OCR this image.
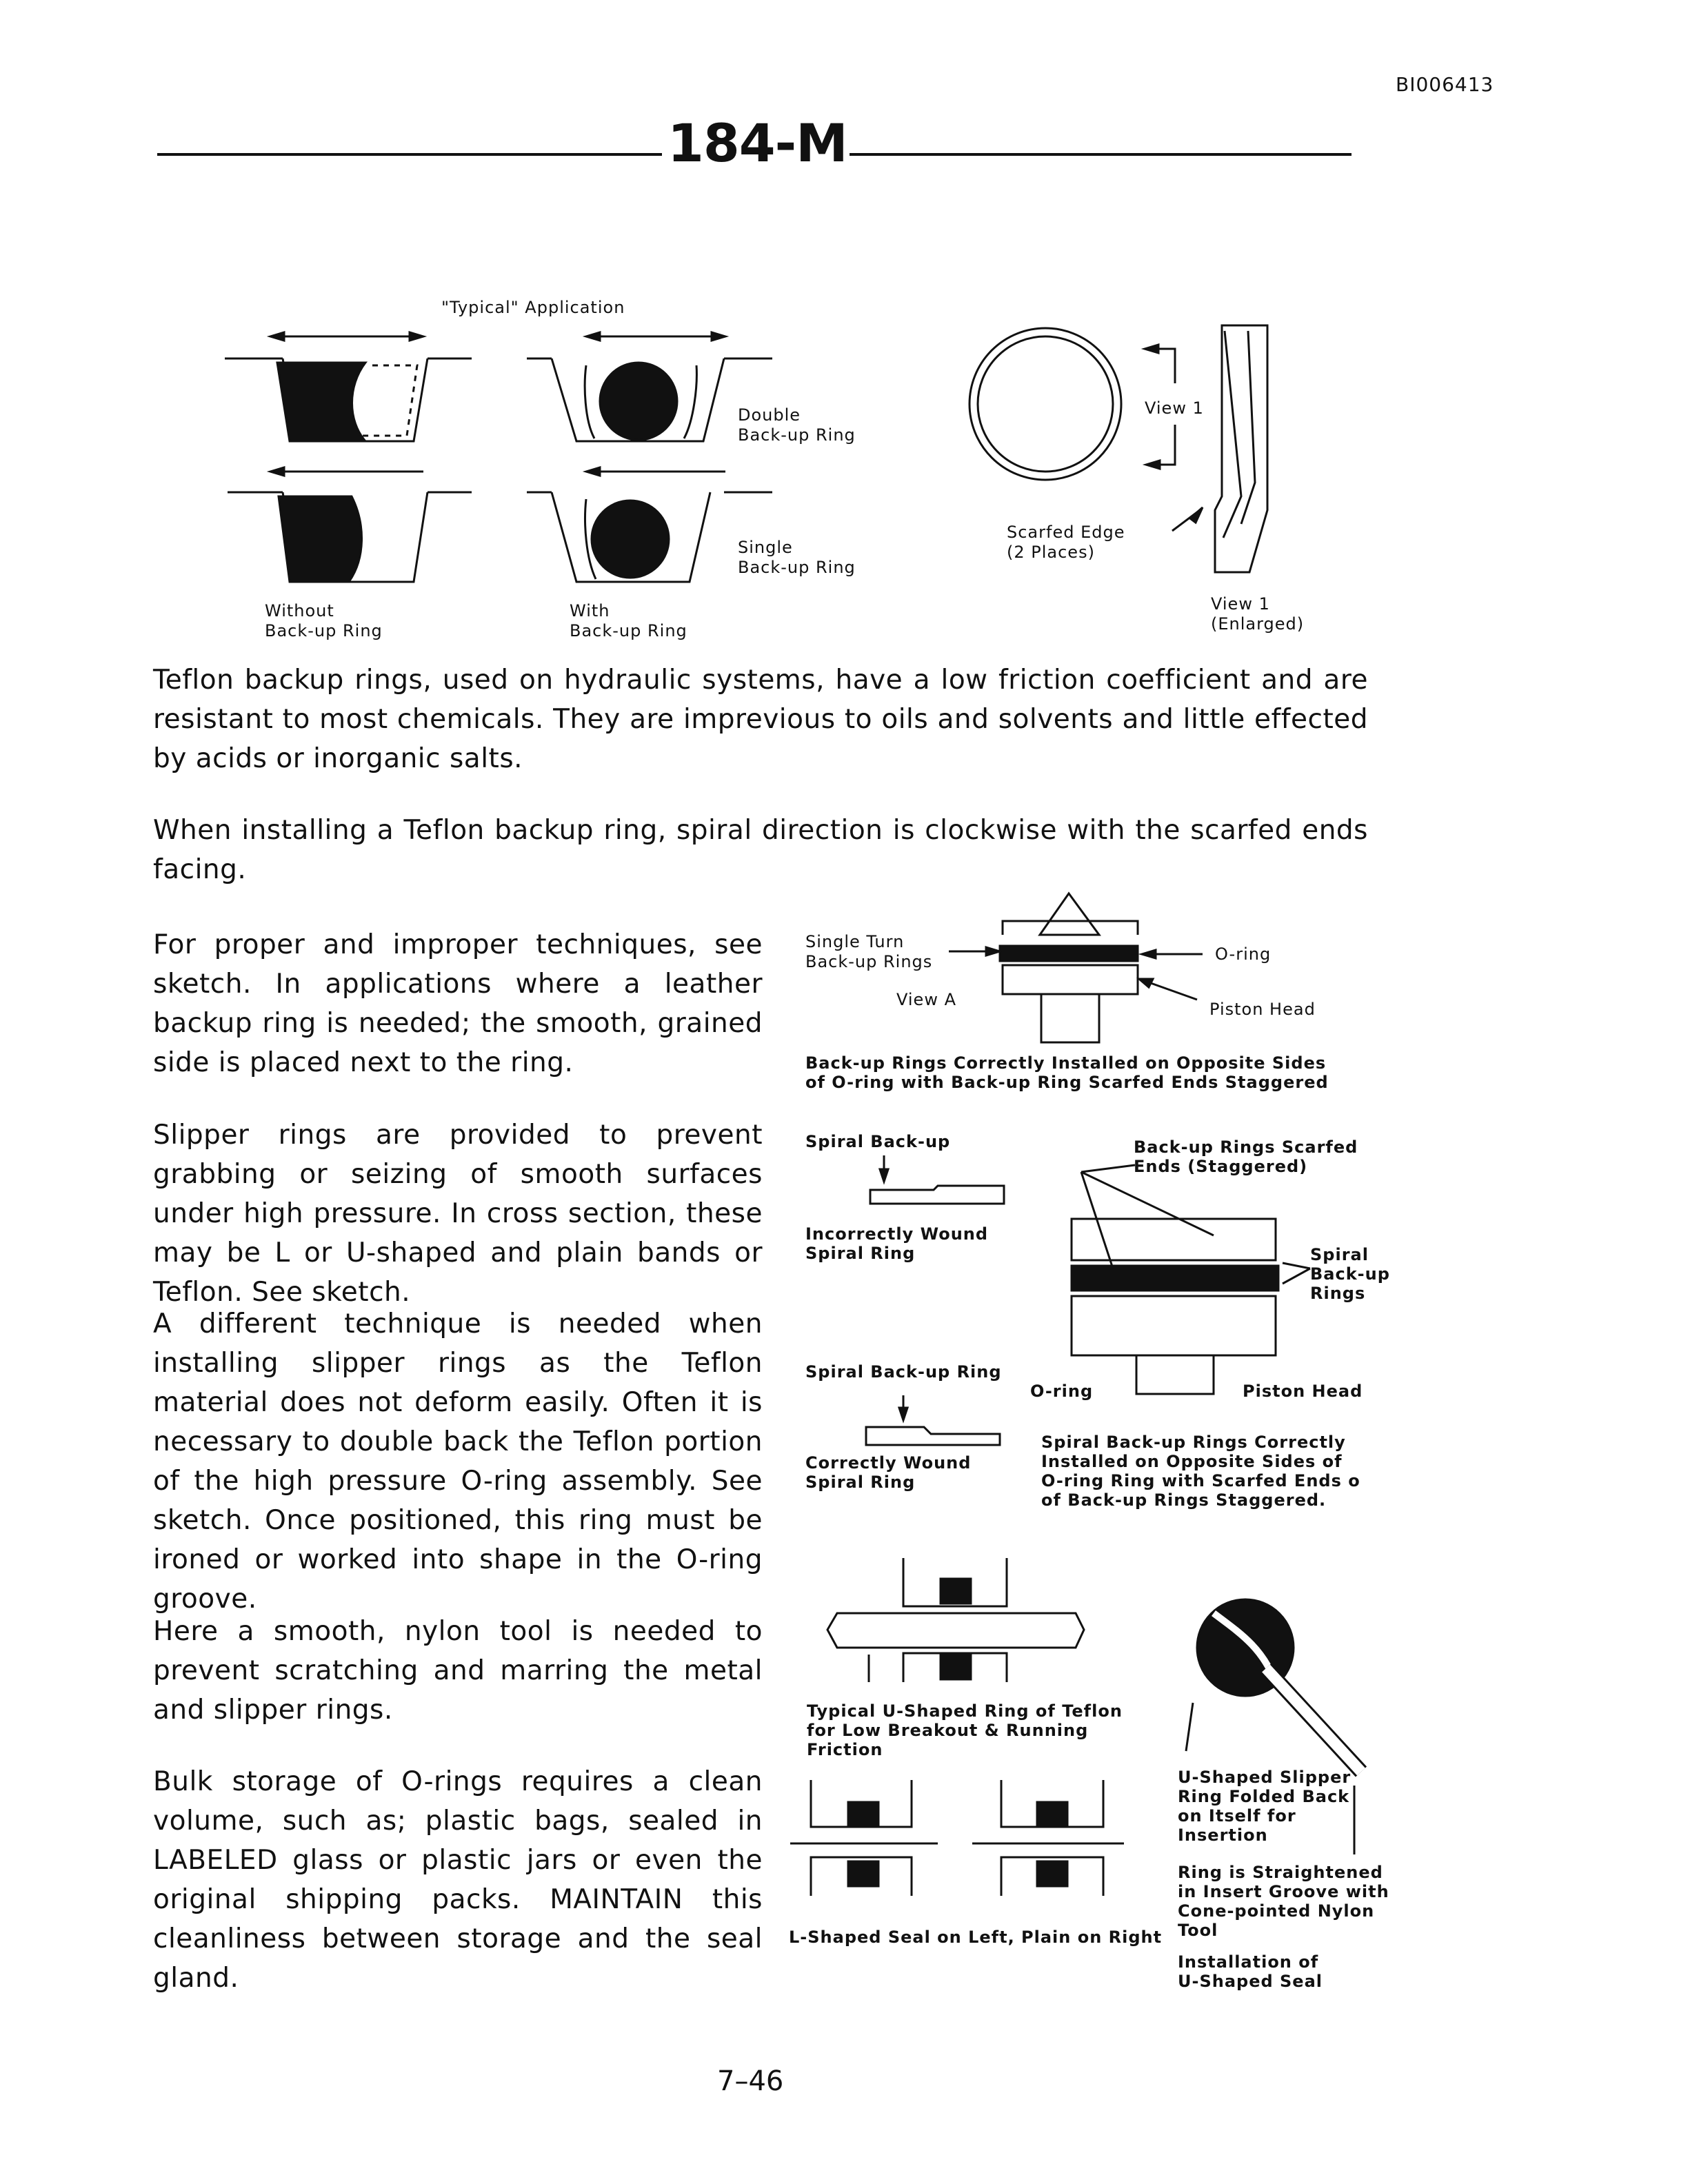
BI006413
184-M
"Typical" Application
Double
Back-up Ring
Single
Back-up Ring
Without
Back-up Ring
With
Back-up Ring
View 1
Scarfed Edge
(2 Places)
View 1
(Enlarged)
Teflon backup rings, used on hydraulic systems, have a low friction coefficient and are resistant to most chemicals. They are imprevious to oils and solvents and little effected by acids or inorganic salts.
When installing a Teflon backup ring, spiral direction is clockwise with the scarfed ends facing.
For proper and improper techniques, see sketch. In applications where a leather backup ring is needed; the smooth, grained side is placed next to the ring.
Slipper rings are provided to prevent grabbing or seizing of smooth surfaces under high pressure. In cross section, these may be L or U-shaped and plain bands or Teflon. See sketch.
A different technique is needed when installing slipper rings as the Teflon material does not deform easily. Often it is necessary to double back the Teflon portion of the high pressure O-ring assembly. See sketch. Once positioned, this ring must be ironed or worked into shape in the O-ring groove.
Here a smooth, nylon tool is needed to prevent scratching and marring the metal and slipper rings.
Bulk storage of O-rings requires a clean volume, such as; plastic bags, sealed in LABELED glass or plastic jars or even the original shipping packs. MAINTAIN this cleanliness between storage and the seal gland.
Single Turn
Back-up Rings	O-ring
View A	Piston Head
Back-up Rings Correctly Installed on Opposite Sides
of O-ring with Back-up Ring Scarfed Ends Staggered
Spiral Back-up
Incorrectly Wound
Spiral Ring
Spiral Back-up Ring
Correctly Wound
Spiral Ring
Back-up Rings Scarfed
Ends (Staggered)
Spiral
Back-up
Rings
O-ring	Piston Head
Spiral Back-up Rings Correctly
Installed on Opposite Sides of
O-ring Ring with Scarfed Ends o
of Back-up Rings Staggered.
Typical U-Shaped Ring of Teflon
for Low Breakout & Running
Friction
L-Shaped Seal on Left, Plain on Right
U-Shaped Slipper
Ring Folded Back
on Itself for
Insertion
Ring is Straightened
in Insert Groove with
Cone-pointed Nylon
Tool
Installation of
U-Shaped Seal
7–46
